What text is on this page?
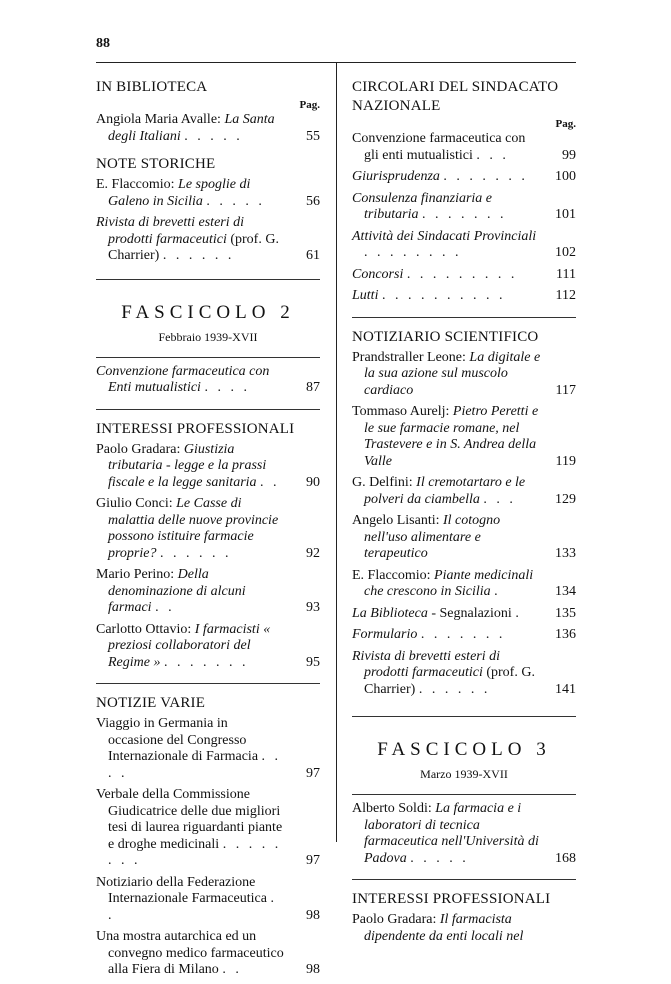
88
IN BIBLIOTECA
Pag.
Angiola Maria Avalle: La Santa degli Italiani . . . . .	55
NOTE STORICHE
E. Flaccomio: Le spoglie di Galeno in Sicilia . . . . .	56
Rivista di brevetti esteri di prodotti farmaceutici (prof. G. Charrier) . . . . . .	61
FASCICOLO 2
Febbraio 1939-XVII
Convenzione farmaceutica con Enti mutualistici . . . .	87
INTERESSI PROFESSIONALI
Paolo Gradara: Giustizia tributaria - legge e la prassi fiscale e la legge sanitaria . . 90
Giulio Conci: Le Casse di malattia delle nuove provincie possono istituire farmacie proprie? . . . . . .	92
Mario Perino: Della denominazione di alcuni farmaci . .	93
Carlotto Ottavio: I farmacisti « preziosi collaboratori del Regime » . . . . . . .	95
NOTIZIE VARIE
Viaggio in Germania in occasione del Congresso Internazionale di Farmacia . . . .	97
Verbale della Commissione Giudicatrice delle due migliori tesi di laurea riguardanti piante e droghe medicinali . . . . . . . .	97
Notiziario della Federazione Internazionale Farmaceutica . .	98
Una mostra autarchica ed un convegno medico farmaceutico alla Fiera di Milano . .	98
CIRCOLARI DEL SINDACATO NAZIONALE
Pag.
Convenzione farmaceutica con gli enti mutualistici . . .	99
Giurisprudenza . . . . . . . 100
Consulenza finanziaria e tributaria . . . . . . .	101
Attività dei Sindacati Provinciali . . . . . . . .	102
Concorsi . . . . . . . . .	111
Lutti . . . . . . . . . .	112
NOTIZIARIO SCIENTIFICO
Prandstraller Leone: La digitale e la sua azione sul muscolo cardiaco	117
Tommaso Aurelj: Pietro Peretti e le sue farmacie romane, nel Trastevere e in S. Andrea della Valle	119
G. Delfini: Il cremotartaro e le polveri da ciambella . . .	129
Angelo Lisanti: Il cotogno nell'uso alimentare e terapeutico	133
E. Flaccomio: Piante medicinali che crescono in Sicilia .	134
La Biblioteca - Segnalazioni . 135
Formulario . . . . . . .	136
Rivista di brevetti esteri di prodotti farmaceutici (prof. G. Charrier) . . . . . .	141
FASCICOLO 3
Marzo 1939-XVII
Alberto Soldi: La farmacia e i laboratori di tecnica farmaceutica nell'Università di Padova . . . . .	168
INTERESSI PROFESSIONALI
Paolo Gradara: Il farmacista dipendente da enti locali nel
